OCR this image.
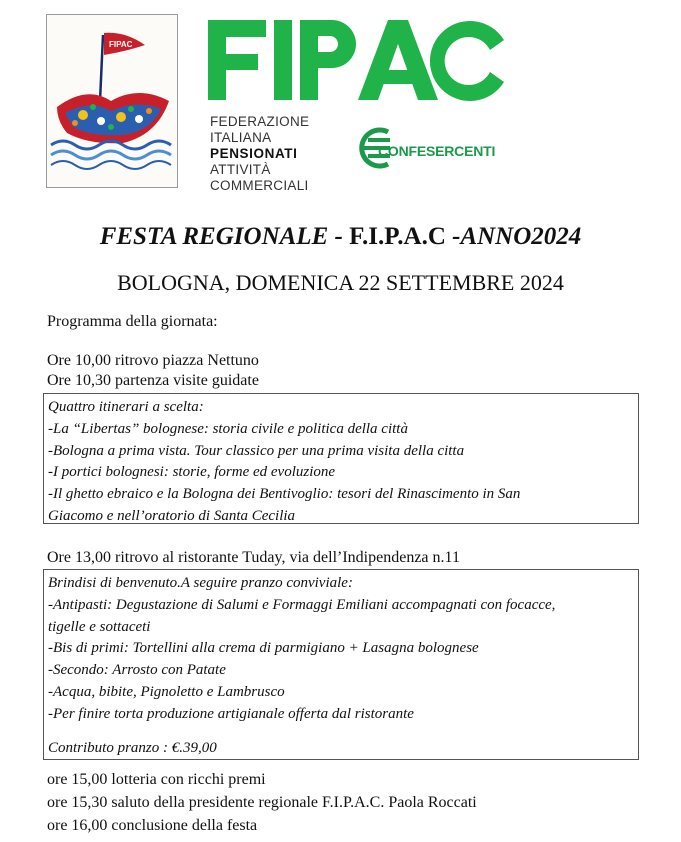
FIPAC
FEDERAZIONE
ITALIANA
PENSIONATI
ATTIVITÀ
COMMERCIALI
CONFESERCENTI
FESTA REGIONALE - F.I.P.A.C -ANNO2024
BOLOGNA, DOMENICA 22 SETTEMBRE 2024
Programma della giornata:
Ore 10,00 ritrovo piazza Nettuno
Ore 10,30 partenza visite guidate
Quattro itinerari a scelta:
-La “Libertas” bolognese: storia civile e politica della città
-Bologna a prima vista. Tour classico per una prima visita della citta
-I portici bolognesi: storie, forme ed evoluzione
-Il ghetto ebraico e la Bologna dei Bentivoglio: tesori del Rinascimento in San
Giacomo e nell’oratorio di Santa Cecilia
Ore 13,00 ritrovo al ristorante Tuday, via dell’Indipendenza n.11
Brindisi di benvenuto.A seguire pranzo conviviale:
-Antipasti: Degustazione di Salumi e Formaggi Emiliani accompagnati con focacce,
tigelle e sottaceti
-Bis di primi: Tortellini alla crema di parmigiano + Lasagna bolognese
-Secondo: Arrosto con Patate
-Acqua, bibite, Pignoletto e Lambrusco
-Per finire torta produzione artigianale offerta dal ristorante
Contributo pranzo : €.39,00
ore 15,00 lotteria con ricchi premi
ore 15,30 saluto della presidente regionale F.I.P.A.C. Paola Roccati
ore 16,00 conclusione della festa
